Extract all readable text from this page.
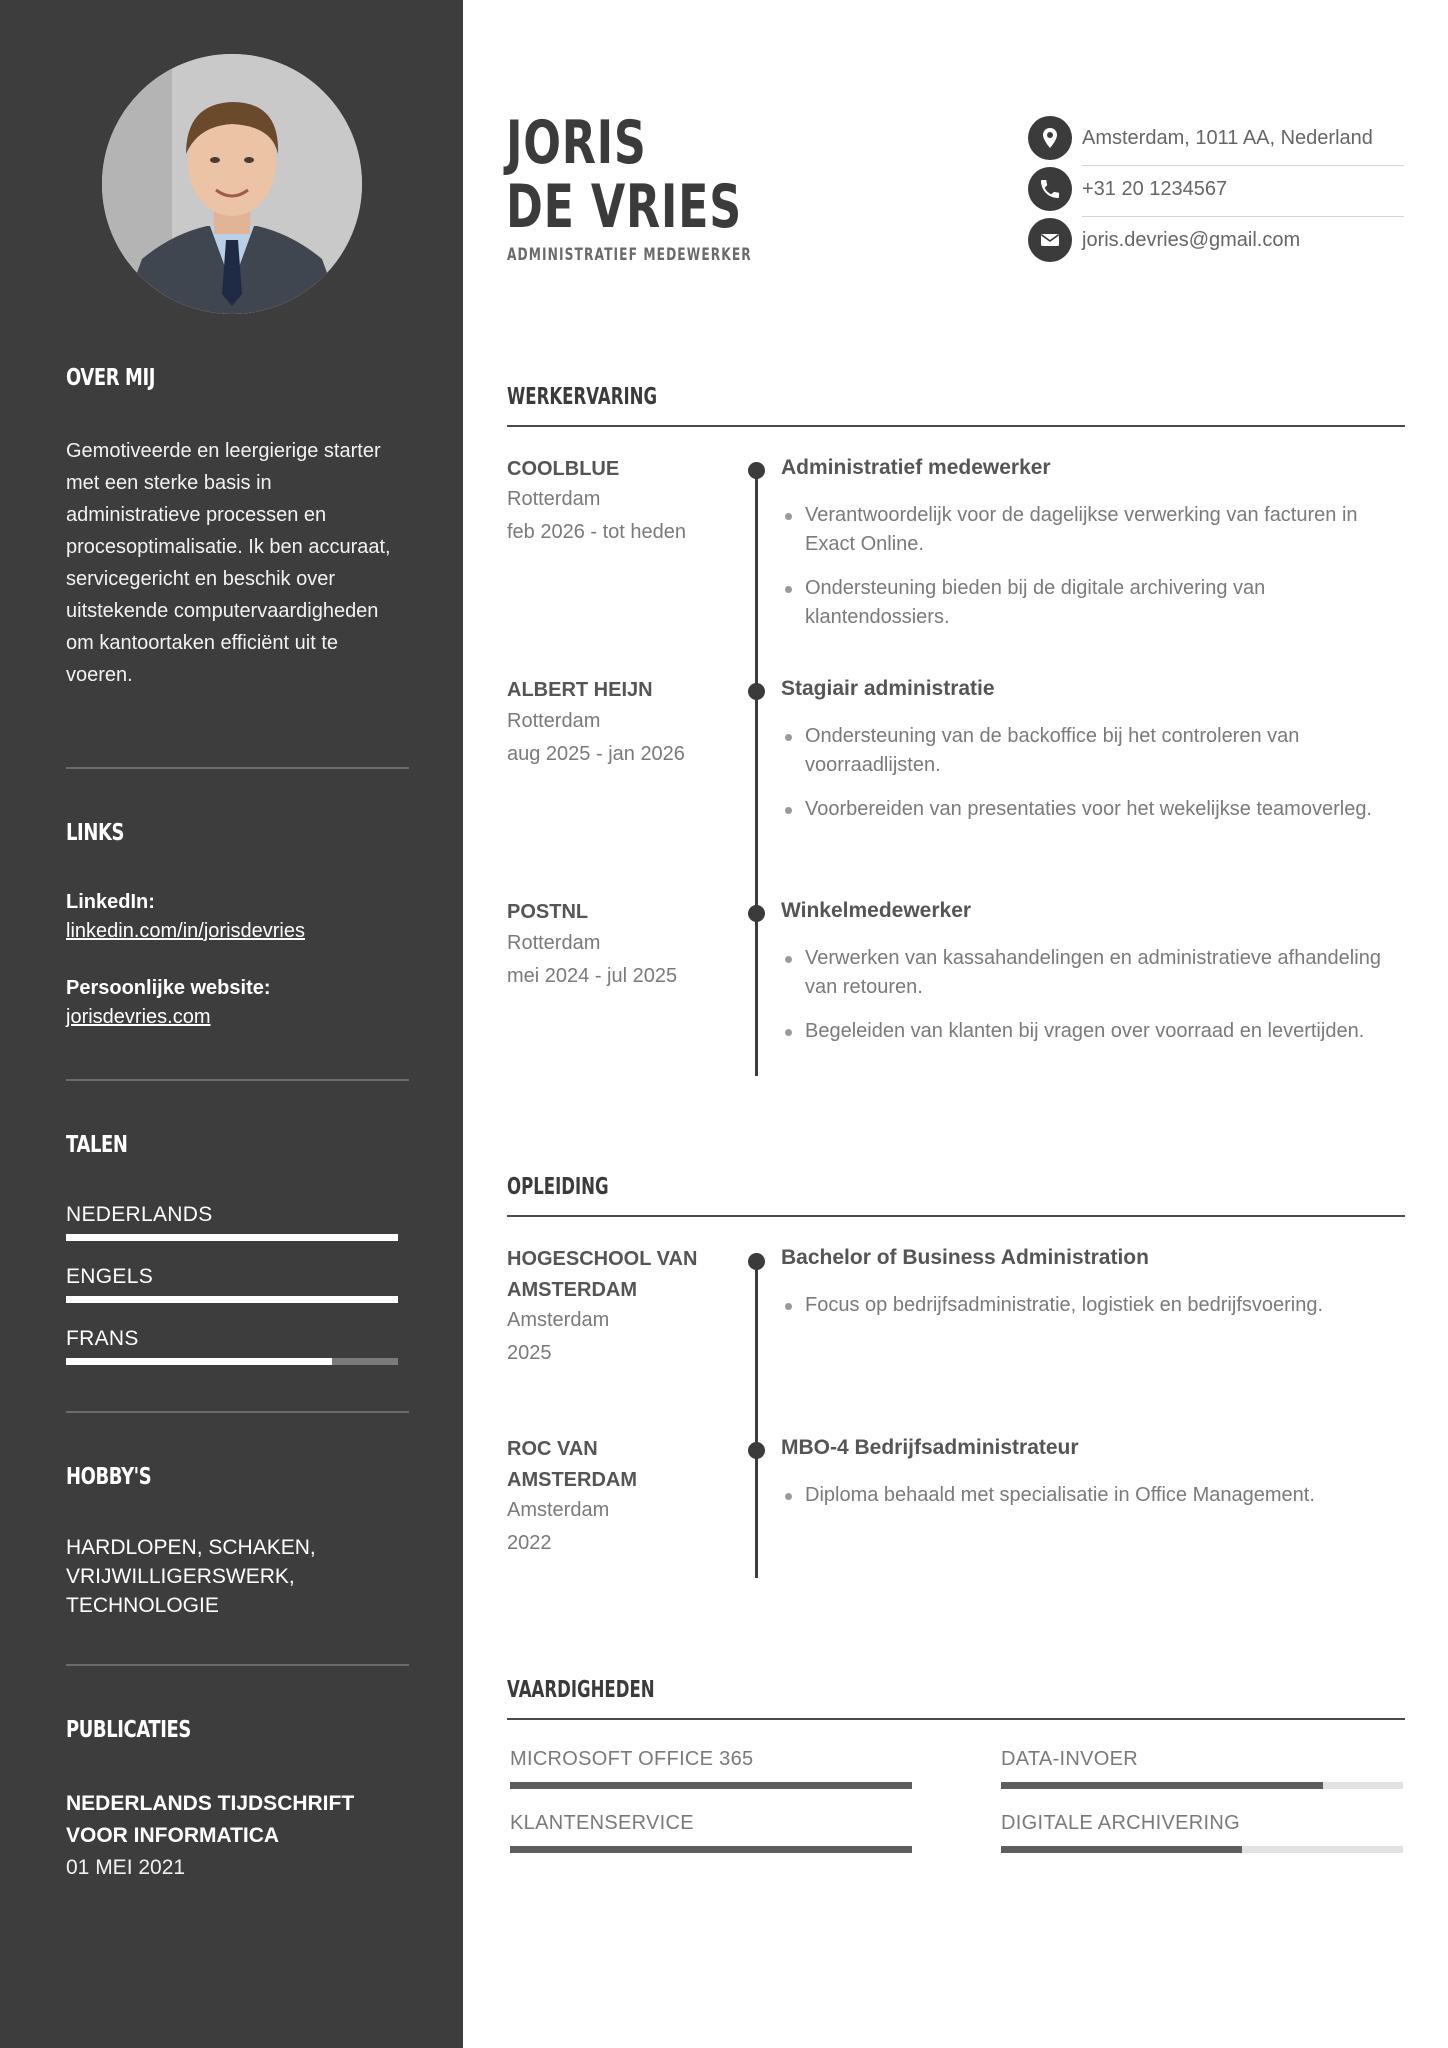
OVER MIJ

Gemotiveerde en leergierige starter met een sterke basis in administratieve processen en procesoptimalisatie. Ik ben accuraat, servicegericht en beschik over uitstekende computervaardigheden om kantoortaken efficiënt uit te voeren.

LINKS
LinkedIn:
linkedin.com/in/jorisdevries
Persoonlijke website:
jorisdevries.com
TALEN
NEDERLANDS
ENGELS
FRANS
HOBBY'S

HARDLOPEN, SCHAKEN, VRIJWILLIGERSWERK, TECHNOLOGIE

PUBLICATIES
NEDERLANDS TIJDSCHRIFT VOOR INFORMATICA
01 MEI 2021
JORIS
DE VRIES
ADMINISTRATIEF MEDEWERKER
Amsterdam, 1011 AA, Nederland
+31 20 1234567
joris.devries@gmail.com
WERKERVARING
COOLBLUE
Rotterdam
feb 2026 - tot heden
Administratief medewerker
Verantwoordelijk voor de dagelijkse verwerking van facturen in Exact Online.
Ondersteuning bieden bij de digitale archivering van klantendossiers.
ALBERT HEIJN
Rotterdam
aug 2025 - jan 2026
Stagiair administratie
Ondersteuning van de backoffice bij het controleren van voorraadlijsten.
Voorbereiden van presentaties voor het wekelijkse teamoverleg.
POSTNL
Rotterdam
mei 2024 - jul 2025
Winkelmedewerker
Verwerken van kassahandelingen en administratieve afhandeling van retouren.
Begeleiden van klanten bij vragen over voorraad en levertijden.
OPLEIDING
HOGESCHOOL VAN AMSTERDAM
Amsterdam
2025
Bachelor of Business Administration
Focus op bedrijfsadministratie, logistiek en bedrijfsvoering.
ROC VAN AMSTERDAM
Amsterdam
2022
MBO-4 Bedrijfsadministrateur
Diploma behaald met specialisatie in Office Management.
VAARDIGHEDEN
MICROSOFT OFFICE 365	DATA-INVOER
KLANTENSERVICE	DIGITALE ARCHIVERING
